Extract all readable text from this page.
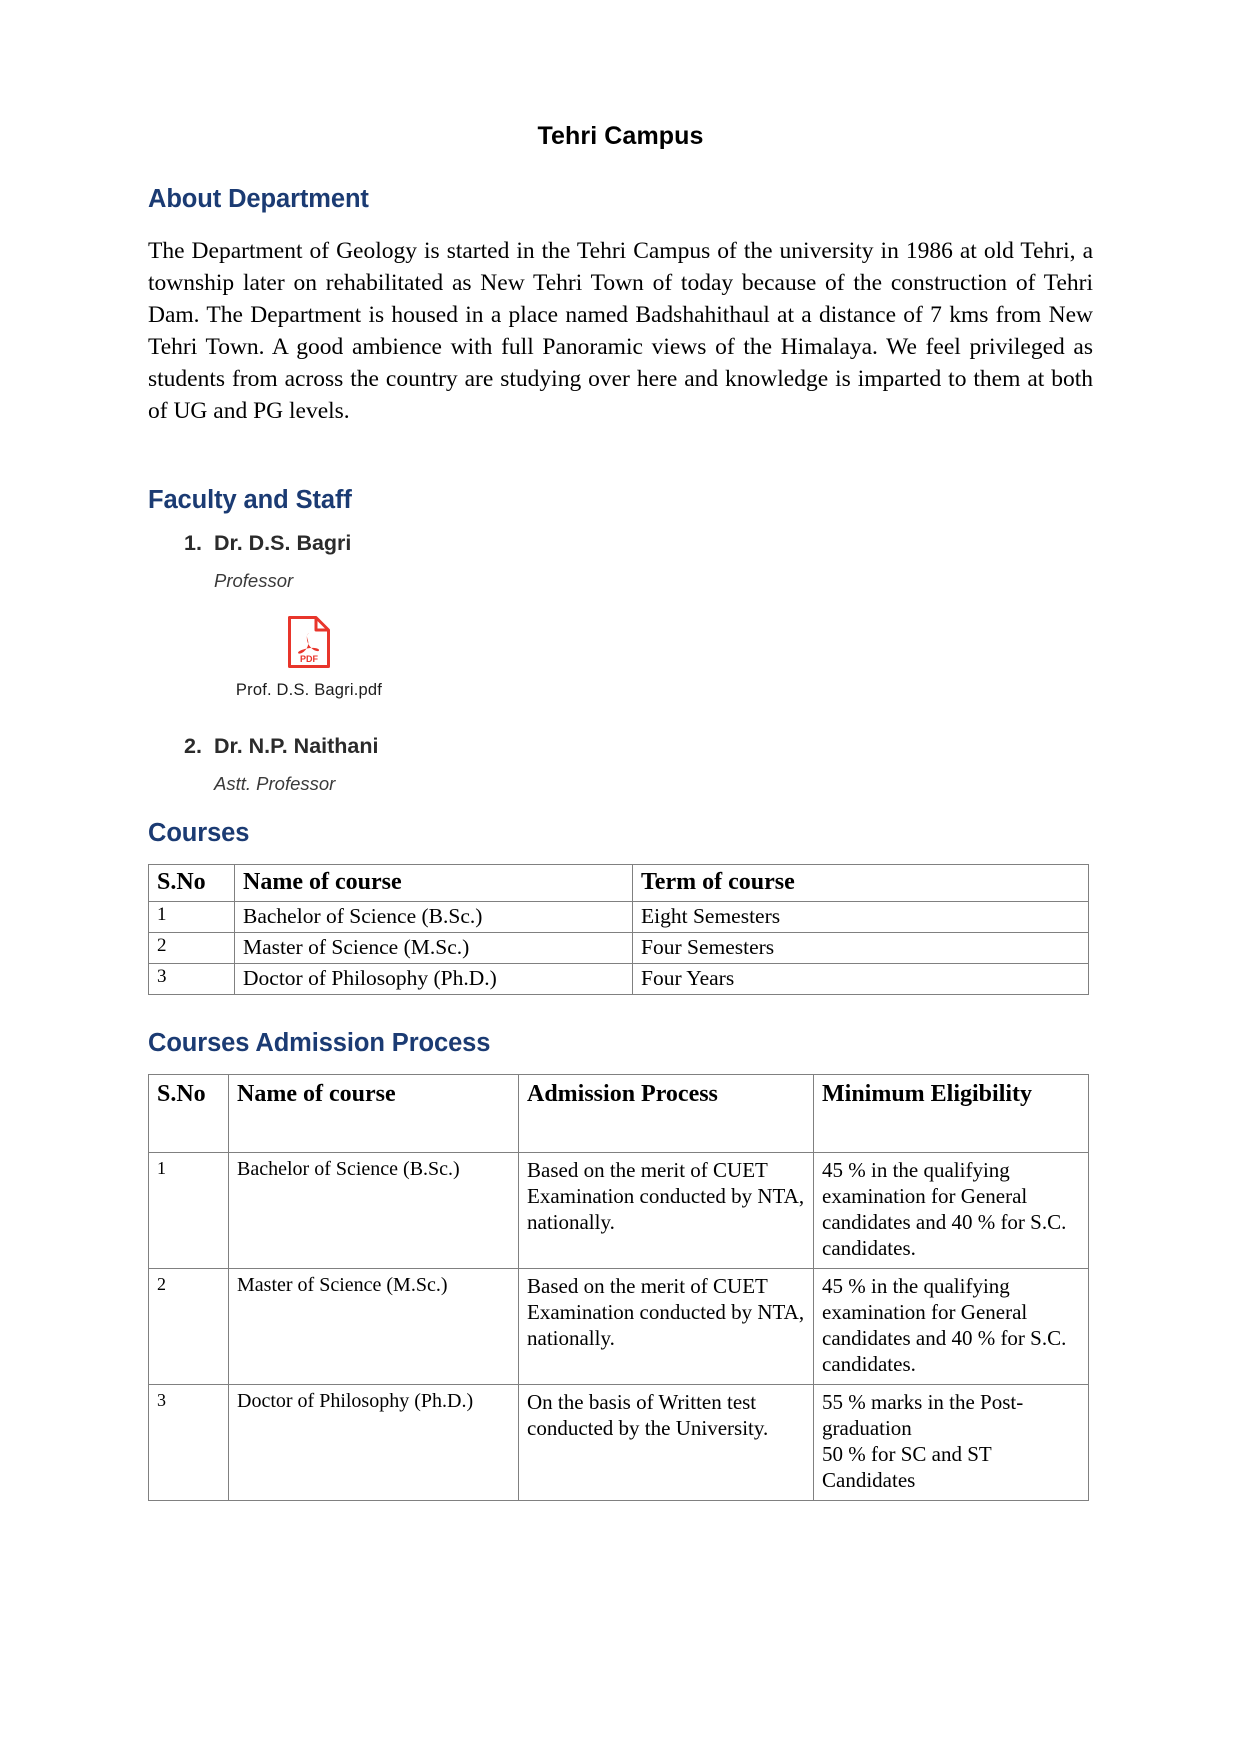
Tehri Campus
About Department

The Department of Geology is started in the Tehri Campus of the university in 1986 at old Tehri, a township later on rehabilitated as New Tehri Town of today because of the construction of Tehri Dam. The Department is housed in a place named Badshahithaul at a distance of 7 kms from New Tehri Town. A good ambience with full Panoramic views of the Himalaya. We feel privileged as students from across the country are studying over here and knowledge is imparted to them at both of UG and PG levels.

Faculty and Staff
1. Dr. D.S. Bagri
Professor
PDF
Prof. D.S. Bagri.pdf
2. Dr. N.P. Naithani
Astt. Professor
Courses
S.No	Name of course	Term of course
1	Bachelor of Science (B.Sc.)	Eight Semesters
2	Master of Science (M.Sc.)	Four Semesters
3	Doctor of Philosophy (Ph.D.)	Four Years
Courses Admission Process
S.No	Name of course	Admission Process	Minimum Eligibility
1	Bachelor of Science (B.Sc.)	Based on the merit of CUET Examination conducted by NTA, nationally.	45 % in the qualifying examination for General candidates and 40 % for S.C. candidates.
2	Master of Science (M.Sc.)	Based on the merit of CUET Examination conducted by NTA, nationally.	45 % in the qualifying examination for General candidates and 40 % for S.C. candidates.
3	Doctor of Philosophy (Ph.D.)	On the basis of Written test conducted by the University.	55 % marks in the Post-graduation
50 % for SC and ST Candidates
